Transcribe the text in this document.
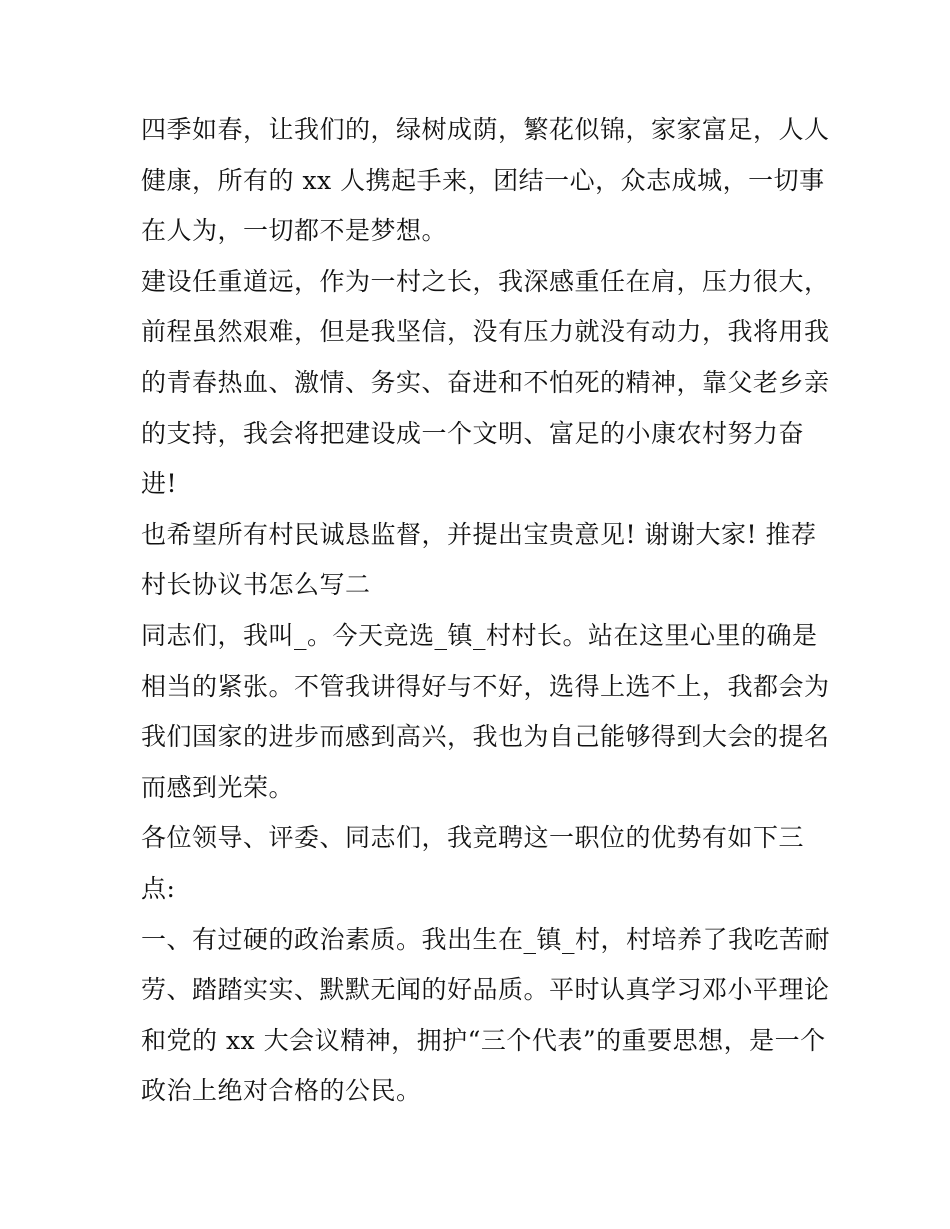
四季如春，让我们的，绿树成荫，繁花似锦，家家富足，人人
健康，所有的 xx 人携起手来，团结一心，众志成城，一切事
在人为，一切都不是梦想。
建设任重道远，作为一村之长，我深感重任在肩，压力很大，
前程虽然艰难，但是我坚信，没有压力就没有动力，我将用我
的青春热血、激情、务实、奋进和不怕死的精神，靠父老乡亲
的支持，我会将把建设成一个文明、富足的小康农村努力奋
进!
也希望所有村民诚恳监督，并提出宝贵意见! 谢谢大家! 推荐
村长协议书怎么写二
同志们，我叫_。今天竞选_镇_村村长。站在这里心里的确是
相当的紧张。不管我讲得好与不好，选得上选不上，我都会为
我们国家的进步而感到高兴，我也为自己能够得到大会的提名
而感到光荣。
各位领导、评委、同志们，我竞聘这一职位的优势有如下三
点:
一、有过硬的政治素质。我出生在_镇_村，村培养了我吃苦耐
劳、踏踏实实、默默无闻的好品质。平时认真学习邓小平理论
和党的 xx 大会议精神，拥护“三个代表”的重要思想，是一个
政治上绝对合格的公民。
